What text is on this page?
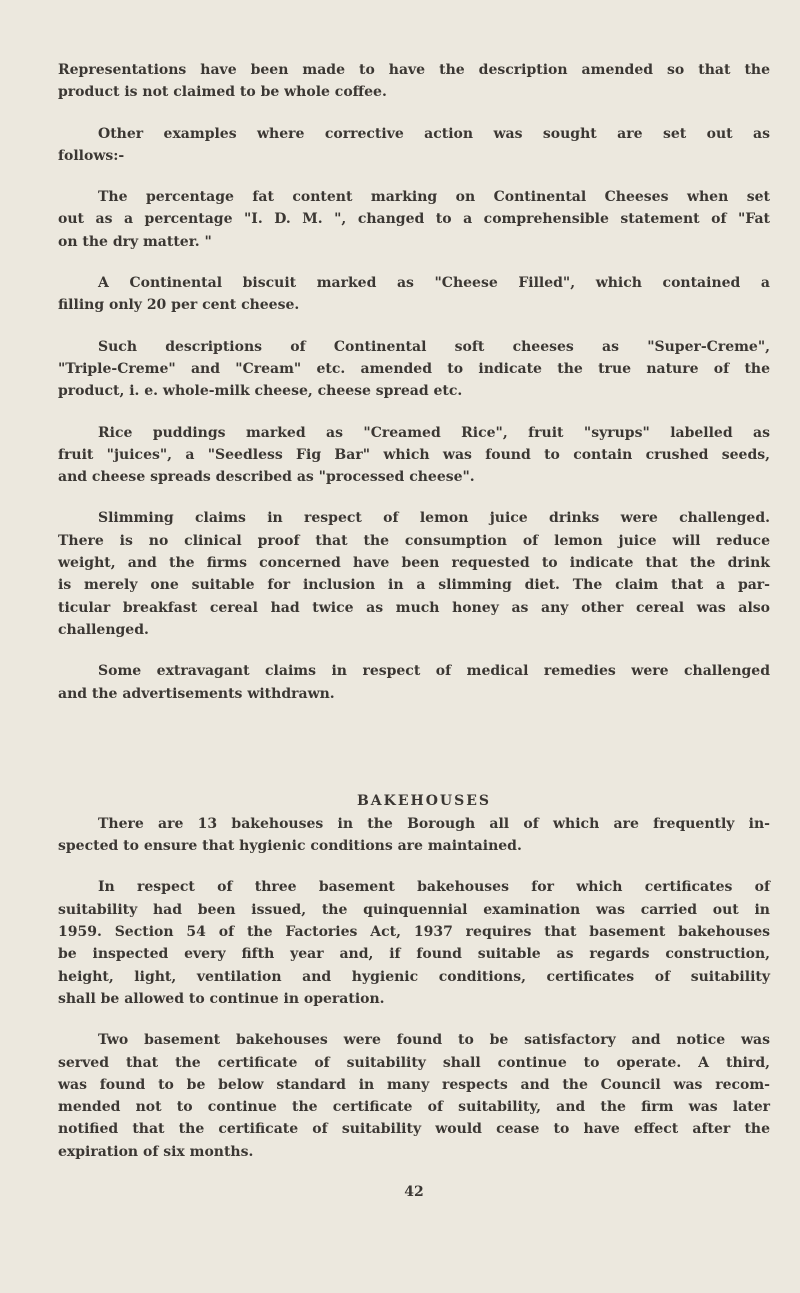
Representations have been made to have the description amended so that the
product is not claimed to be whole coffee.
Other examples where corrective action was sought are set out as
follows:-
The percentage fat content marking on Continental Cheeses when set
out as a percentage "I. D. M. ", changed to a comprehensible statement of "Fat
on the dry matter. "
A Continental biscuit marked as "Cheese Filled", which contained a
filling only 20 per cent cheese.
Such descriptions of Continental soft cheeses as "Super-Creme",
"Triple-Creme" and "Cream" etc. amended to indicate the true nature of the
product, i. e. whole-milk cheese, cheese spread etc.
Rice puddings marked as "Creamed Rice", fruit "syrups" labelled as
fruit "juices", a "Seedless Fig Bar" which was found to contain crushed seeds,
and cheese spreads described as "processed cheese".
Slimming claims in respect of lemon juice drinks were challenged.
There is no clinical proof that the consumption of lemon juice will reduce
weight, and the firms concerned have been requested to indicate that the drink
is merely one suitable for inclusion in a slimming diet. The claim that a par-
ticular breakfast cereal had twice as much honey as any other cereal was also
challenged.
Some extravagant claims in respect of medical remedies were challenged
and the advertisements withdrawn.
BAKEHOUSES
There are 13 bakehouses in the Borough all of which are frequently in-
spected to ensure that hygienic conditions are maintained.
In respect of three basement bakehouses for which certificates of
suitability had been issued, the quinquennial examination was carried out in
1959. Section 54 of the Factories Act, 1937 requires that basement bakehouses
be inspected every fifth year and, if found suitable as regards construction,
height, light, ventilation and hygienic conditions, certificates of suitability
shall be allowed to continue in operation.
Two basement bakehouses were found to be satisfactory and notice was
served that the certificate of suitability shall continue to operate. A third,
was found to be below standard in many respects and the Council was recom-
mended not to continue the certificate of suitability, and the firm was later
notified that the certificate of suitability would cease to have effect after the
expiration of six months.
42
